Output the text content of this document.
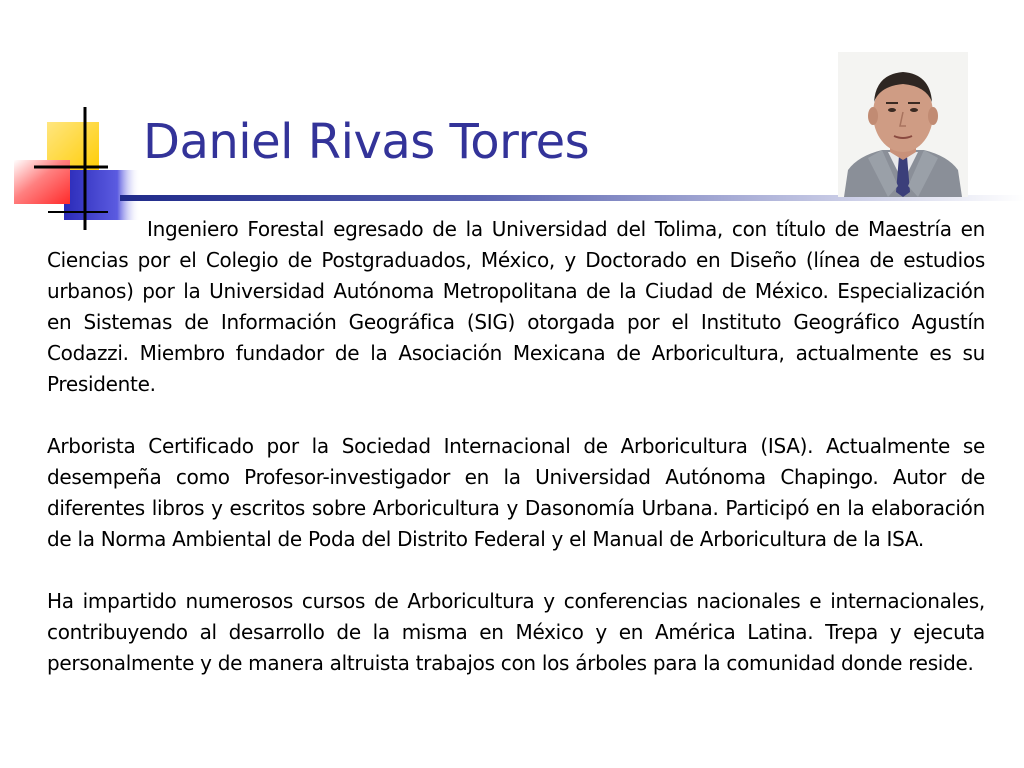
Daniel Rivas Torres

Ingeniero Forestal egresado de la Universidad del Tolima, con título de Maestría en Ciencias por el Colegio de Postgraduados, México, y Doctorado en Diseño (línea de estudios urbanos) por la Universidad Autónoma Metropolitana de la Ciudad de México. Especialización en Sistemas de Información Geográfica (SIG) otorgada por el Instituto Geográfico Agustín Codazzi. Miembro fundador de la Asociación Mexicana de Arboricultura, actualmente es su Presidente.

Arborista Certificado por la Sociedad Internacional de Arboricultura (ISA). Actualmente se desempeña como Profesor-investigador en la Universidad Autónoma Chapingo. Autor de diferentes libros y escritos sobre Arboricultura y Dasonomía Urbana. Participó en la elaboración de la Norma Ambiental de Poda del Distrito Federal y el Manual de Arboricultura de la ISA.

Ha impartido numerosos cursos de Arboricultura y conferencias nacionales e internacionales, contribuyendo al desarrollo de la misma en México y en América Latina. Trepa y ejecuta personalmente y de manera altruista trabajos con los árboles para la comunidad donde reside.
